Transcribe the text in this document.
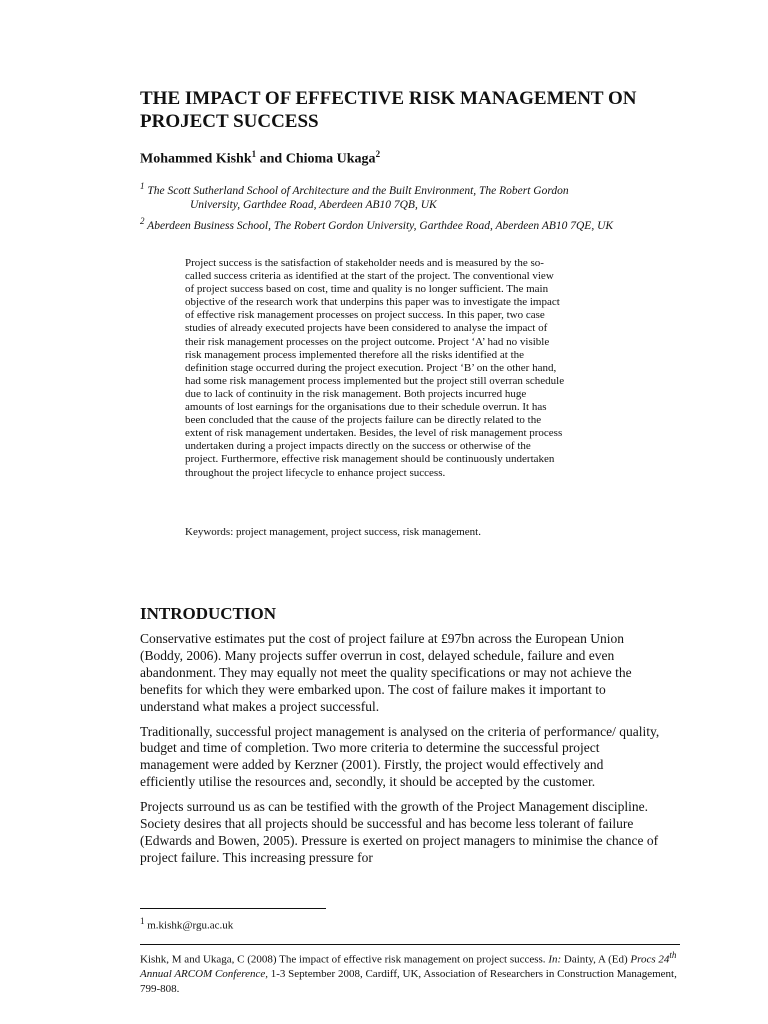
THE IMPACT OF EFFECTIVE RISK MANAGEMENT ON PROJECT SUCCESS
Mohammed Kishk$^1$ and Chioma Ukaga$^2$
$^1$ The Scott Sutherland School of Architecture and the Built Environment, The Robert Gordon
University, Garthdee Road, Aberdeen AB10 7QB, UK
$^2$ Aberdeen Business School, The Robert Gordon University, Garthdee Road, Aberdeen AB10 7QE, UK
Project success is the satisfaction of stakeholder needs and is measured by the so-
called success criteria as identified at the start of the project. The conventional view
of project success based on cost, time and quality is no longer sufficient. The main
objective of the research work that underpins this paper was to investigate the impact
of effective risk management processes on project success. In this paper, two case
studies of already executed projects have been considered to analyse the impact of
their risk management processes on the project outcome. Project ‘A’ had no visible
risk management process implemented therefore all the risks identified at the
definition stage occurred during the project execution. Project ‘B’ on the other hand,
had some risk management process implemented but the project still overran schedule
due to lack of continuity in the risk management. Both projects incurred huge
amounts of lost earnings for the organisations due to their schedule overrun. It has
been concluded that the cause of the projects failure can be directly related to the
extent of risk management undertaken. Besides, the level of risk management process
undertaken during a project impacts directly on the success or otherwise of the
project. Furthermore, effective risk management should be continuously undertaken
throughout the project lifecycle to enhance project success.
Keywords: project management, project success, risk management.
INTRODUCTION

Conservative estimates put the cost of project failure at £97bn across the European Union (Boddy, 2006). Many projects suffer overrun in cost, delayed schedule, failure and even abandonment. They may equally not meet the quality specifications or may not achieve the benefits for which they were embarked upon. The cost of failure makes it important to understand what makes a project successful.

Traditionally, successful project management is analysed on the criteria of performance/ quality, budget and time of completion. Two more criteria to determine the successful project management were added by Kerzner (2001). Firstly, the project would effectively and efficiently utilise the resources and, secondly, it should be accepted by the customer.

Projects surround us as can be testified with the growth of the Project Management discipline. Society desires that all projects should be successful and has become less tolerant of failure (Edwards and Bowen, 2005). Pressure is exerted on project managers to minimise the chance of project failure. This increasing pressure for

$^1$ m.kishk@rgu.ac.uk
Kishk, M and Ukaga, C (2008) The impact of effective risk management on project success. In: Dainty, A (Ed) Procs 24th Annual ARCOM Conference, 1-3 September 2008, Cardiff, UK, Association of Researchers in Construction Management, 799-808.
